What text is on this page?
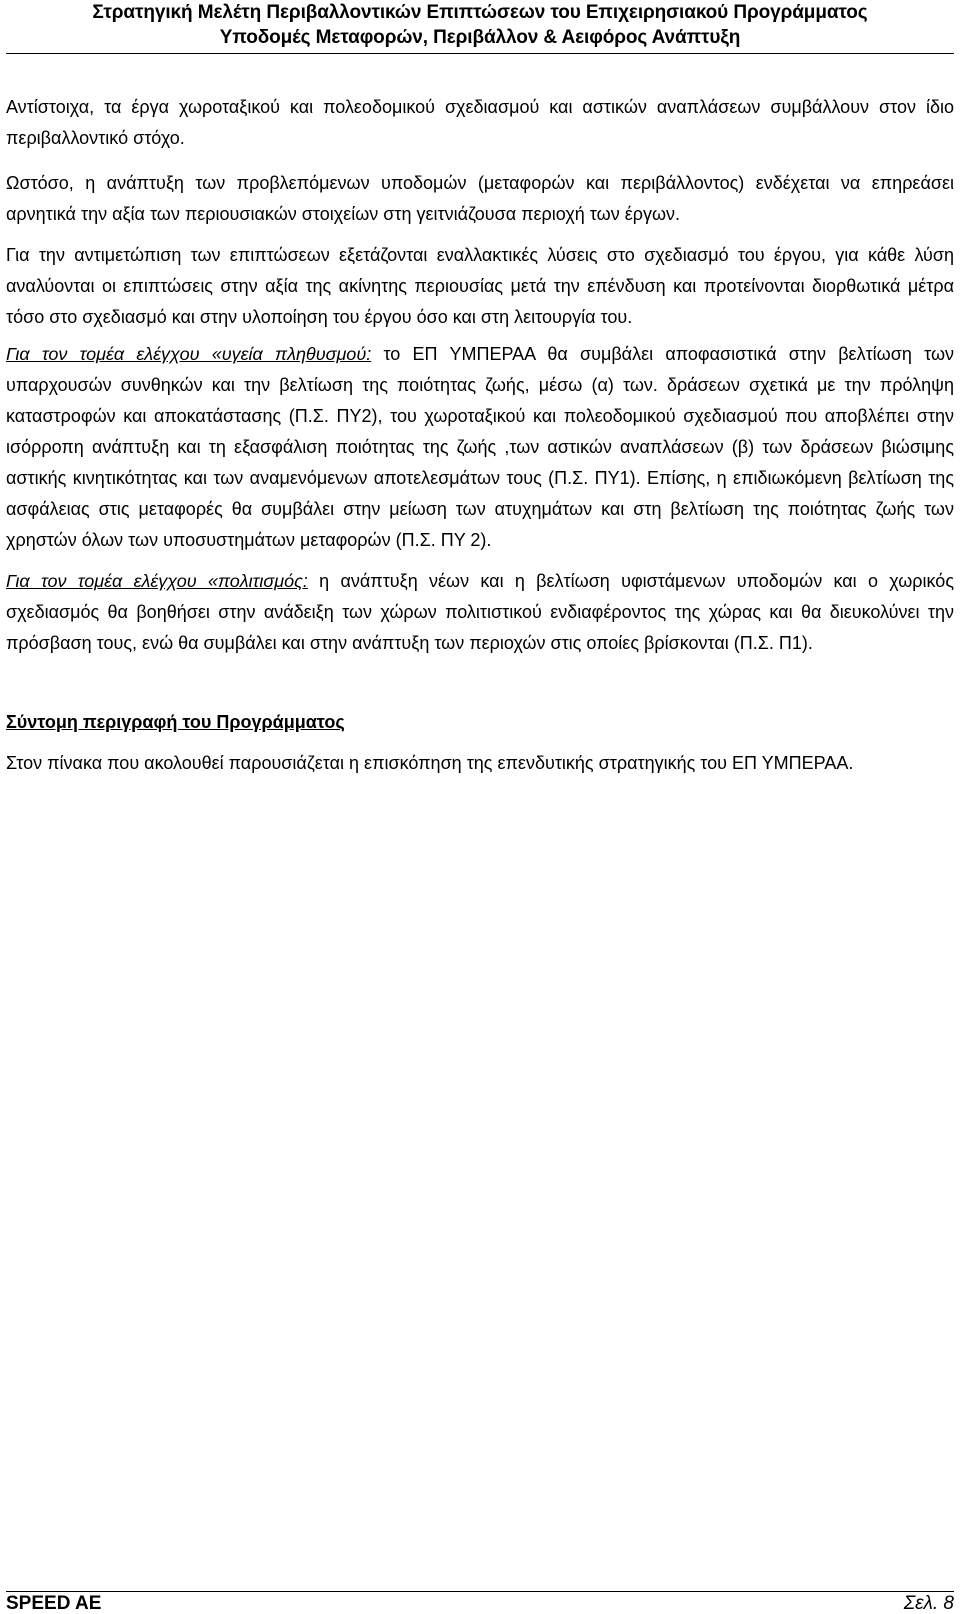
Στρατηγική Μελέτη Περιβαλλοντικών Επιπτώσεων του Επιχειρησιακού Προγράμματος
Υποδομές Μεταφορών, Περιβάλλον & Αειφόρος Ανάπτυξη

Αντίστοιχα, τα έργα χωροταξικού και πολεοδομικού σχεδιασμού και αστικών αναπλάσεων συμβάλλουν στον ίδιο περιβαλλοντικό στόχο.

Ωστόσο, η ανάπτυξη των προβλεπόμενων υποδομών (μεταφορών και περιβάλλοντος) ενδέχεται να επηρεάσει αρνητικά την αξία των περιουσιακών στοιχείων στη γειτνιάζουσα περιοχή των έργων.

Για την αντιμετώπιση των επιπτώσεων εξετάζονται εναλλακτικές λύσεις στο σχεδιασμό του έργου, για κάθε λύση αναλύονται οι επιπτώσεις στην αξία της ακίνητης περιουσίας μετά την επένδυση και προτείνονται διορθωτικά μέτρα τόσο στο σχεδιασμό και στην υλοποίηση του έργου όσο και στη λειτουργία του.

Για τον τομέα ελέγχου «υγεία πληθυσμού: το ΕΠ ΥΜΠΕΡΑΑ θα συμβάλει αποφασιστικά στην βελτίωση των υπαρχουσών συνθηκών και την βελτίωση της ποιότητας ζωής, μέσω (α) των. δράσεων σχετικά με την πρόληψη καταστροφών και αποκατάστασης (Π.Σ. ΠΥ2), του χωροταξικού και πολεοδομικού σχεδιασμού που αποβλέπει στην ισόρροπη ανάπτυξη και τη εξασφάλιση ποιότητας της ζωής ,των αστικών αναπλάσεων (β) των δράσεων βιώσιμης αστικής κινητικότητας και των αναμενόμενων αποτελεσμάτων τους (Π.Σ. ΠΥ1). Επίσης, η επιδιωκόμενη βελτίωση της ασφάλειας στις μεταφορές θα συμβάλει στην μείωση των ατυχημάτων και στη βελτίωση της ποιότητας ζωής των χρηστών όλων των υποσυστημάτων μεταφορών (Π.Σ. ΠΥ 2).

Για τον τομέα ελέγχου «πολιτισμός: η ανάπτυξη νέων και η βελτίωση υφιστάμενων υποδομών και ο χωρικός σχεδιασμός θα βοηθήσει στην ανάδειξη των χώρων πολιτιστικού ενδιαφέροντος της χώρας και θα διευκολύνει την πρόσβαση τους, ενώ θα συμβάλει και στην ανάπτυξη των περιοχών στις οποίες βρίσκονται (Π.Σ. Π1).

Σύντομη περιγραφή του Προγράμματος

Στον πίνακα που ακολουθεί παρουσιάζεται η επισκόπηση της επενδυτικής στρατηγικής του ΕΠ ΥΜΠΕΡΑΑ.

SPEED AE	Σελ. 8
